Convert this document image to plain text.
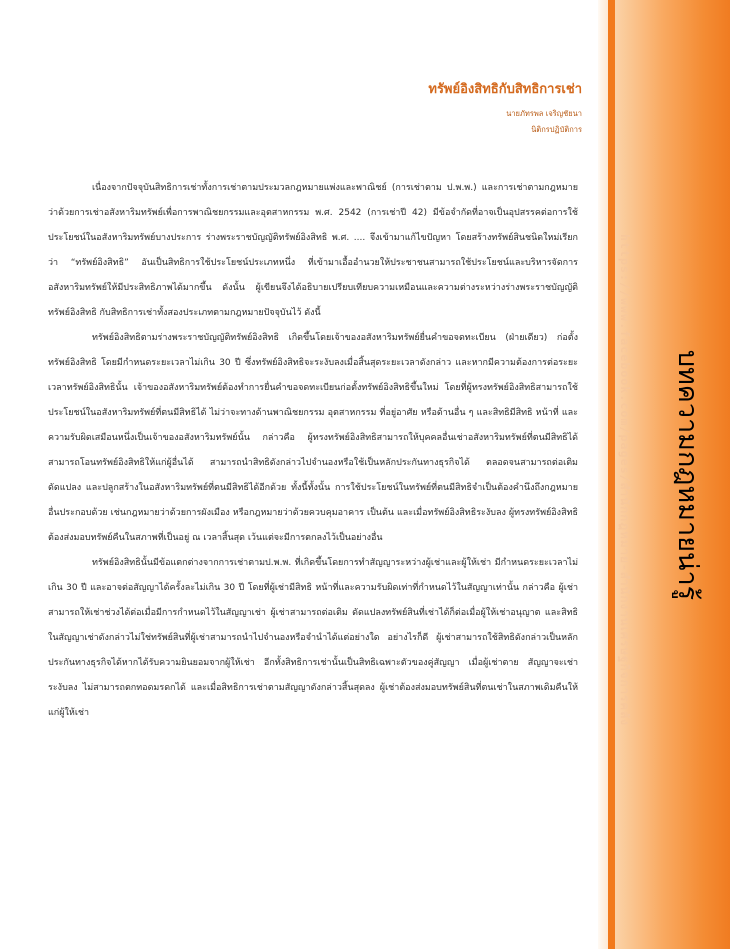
ทรัพย์อิงสิทธิกับสิทธิการเช่า
นายภัทรพล เจริญชัยนา
นิติกรปฏิบัติการ

เนื่องจากปัจจุบันสิทธิการเช่าทั้งการเช่าตามประมวลกฎหมายแพ่งและพาณิชย์ (การเช่าตาม ป.พ.พ.) และการเช่าตามกฎหมายว่าด้วยการเช่าอสังหาริมทรัพย์เพื่อการพาณิชยกรรมและอุตสาหกรรม พ.ศ. 2542 (การเช่าปี 42) มีข้อจำกัดที่อาจเป็นอุปสรรคต่อการใช้ประโยชน์ในอสังหาริมทรัพย์บางประการ ร่างพระราชบัญญัติทรัพย์อิงสิทธิ พ.ศ. .... จึงเข้ามาแก้ไขปัญหา โดยสร้างทรัพย์สินชนิดใหม่เรียกว่า “ทรัพย์อิงสิทธิ” อันเป็นสิทธิการใช้ประโยชน์ประเภทหนึ่ง ที่เข้ามาเอื้ออำนวยให้ประชาชนสามารถใช้ประโยชน์และบริหารจัดการอสังหาริมทรัพย์ให้มีประสิทธิภาพได้มากขึ้น ดังนั้น ผู้เขียนจึงได้อธิบายเปรียบเทียบความเหมือนและความต่างระหว่างร่างพระราชบัญญัติทรัพย์อิงสิทธิ กับสิทธิการเช่าทั้งสองประเภทตามกฎหมายปัจจุบันไว้ ดังนี้

ทรัพย์อิงสิทธิตามร่างพระราชบัญญัติทรัพย์อิงสิทธิ เกิดขึ้นโดยเจ้าของอสังหาริมทรัพย์ยื่นคำขอจดทะเบียน (ฝ่ายเดียว) ก่อตั้งทรัพย์อิงสิทธิ โดยมีกำหนดระยะเวลาไม่เกิน 30 ปี ซึ่งทรัพย์อิงสิทธิจะระงับลงเมื่อสิ้นสุดระยะเวลาดังกล่าว และหากมีความต้องการต่อระยะเวลาทรัพย์อิงสิทธินั้น เจ้าของอสังหาริมทรัพย์ต้องทำการยื่นคำขอจดทะเบียนก่อตั้งทรัพย์อิงสิทธิขึ้นใหม่ โดยที่ผู้ทรงทรัพย์อิงสิทธิสามารถใช้ประโยชน์ในอสังหาริมทรัพย์ที่ตนมีสิทธิได้ ไม่ว่าจะทางด้านพาณิชยกรรม อุตสาหกรรม ที่อยู่อาศัย หรือด้านอื่น ๆ และสิทธิมีสิทธิ หน้าที่ และความรับผิดเสมือนหนึ่งเป็นเจ้าของอสังหาริมทรัพย์นั้น กล่าวคือ ผู้ทรงทรัพย์อิงสิทธิสามารถให้บุคคลอื่นเช่าอสังหาริมทรัพย์ที่ตนมีสิทธิได้ สามารถโอนทรัพย์อิงสิทธิให้แก่ผู้อื่นได้ สามารถนำสิทธิดังกล่าวไปจำนองหรือใช้เป็นหลักประกันทางธุรกิจได้ ตลอดจนสามารถต่อเติม ดัดแปลง และปลูกสร้างในอสังหาริมทรัพย์ที่ตนมีสิทธิได้อีกด้วย ทั้งนี้ทั้งนั้น การใช้ประโยชน์ในทรัพย์ที่ตนมีสิทธิจำเป็นต้องคำนึงถึงกฎหมายอื่นประกอบด้วย เช่นกฎหมายว่าด้วยการผังเมือง หรือกฎหมายว่าด้วยควบคุมอาคาร เป็นต้น และเมื่อทรัพย์อิงสิทธิระงับลง ผู้ทรงทรัพย์อิงสิทธิต้องส่งมอบทรัพย์คืนในสภาพที่เป็นอยู่ ณ เวลาสิ้นสุด เว้นแต่จะมีการตกลงไว้เป็นอย่างอื่น

ทรัพย์อิงสิทธินั้นมีข้อแตกต่างจากการเช่าตามป.พ.พ. ที่เกิดขึ้นโดยการทำสัญญาระหว่างผู้เช่าและผู้ให้เช่า มีกำหนดระยะเวลาไม่เกิน 30 ปี และอาจต่อสัญญาได้ครั้งละไม่เกิน 30 ปี โดยที่ผู้เช่ามีสิทธิ หน้าที่และความรับผิดเท่าที่กำหนดไว้ในสัญญาเท่านั้น กล่าวคือ ผู้เช่าสามารถให้เช่าช่วงได้ต่อเมื่อมีการกำหนดไว้ในสัญญาเช่า ผู้เช่าสามารถต่อเติม ดัดแปลงทรัพย์สินที่เช่าได้ก็ต่อเมื่อผู้ให้เช่าอนุญาต และสิทธิในสัญญาเช่าดังกล่าวไม่ใช่ทรัพย์สินที่ผู้เช่าสามารถนำไปจำนองหรือจำนำได้แต่อย่างใด อย่างไรก็ดี ผู้เช่าสามารถใช้สิทธิดังกล่าวเป็นหลักประกันทางธุรกิจได้หากได้รับความยินยอมจากผู้ให้เช่า อีกทั้งสิทธิการเช่านั้นเป็นสิทธิเฉพาะตัวของคู่สัญญา เมื่อผู้เช่าตาย สัญญาจะเช่าระงับลง ไม่สามารถตกทอดมรดกได้ และเมื่อสิทธิการเช่าตามสัญญาดังกล่าวสิ้นสุดลง ผู้เช่าต้องส่งมอบทรัพย์สินที่ตนเช่าในสภาพเดิมคืนให้แก่ผู้ให้เช่า	https://www.facebook.com/pages/สำนักกฎหมาย-สำนักงานเศรษฐกิจการคลัง บทความกฎหมายน่ารู้
